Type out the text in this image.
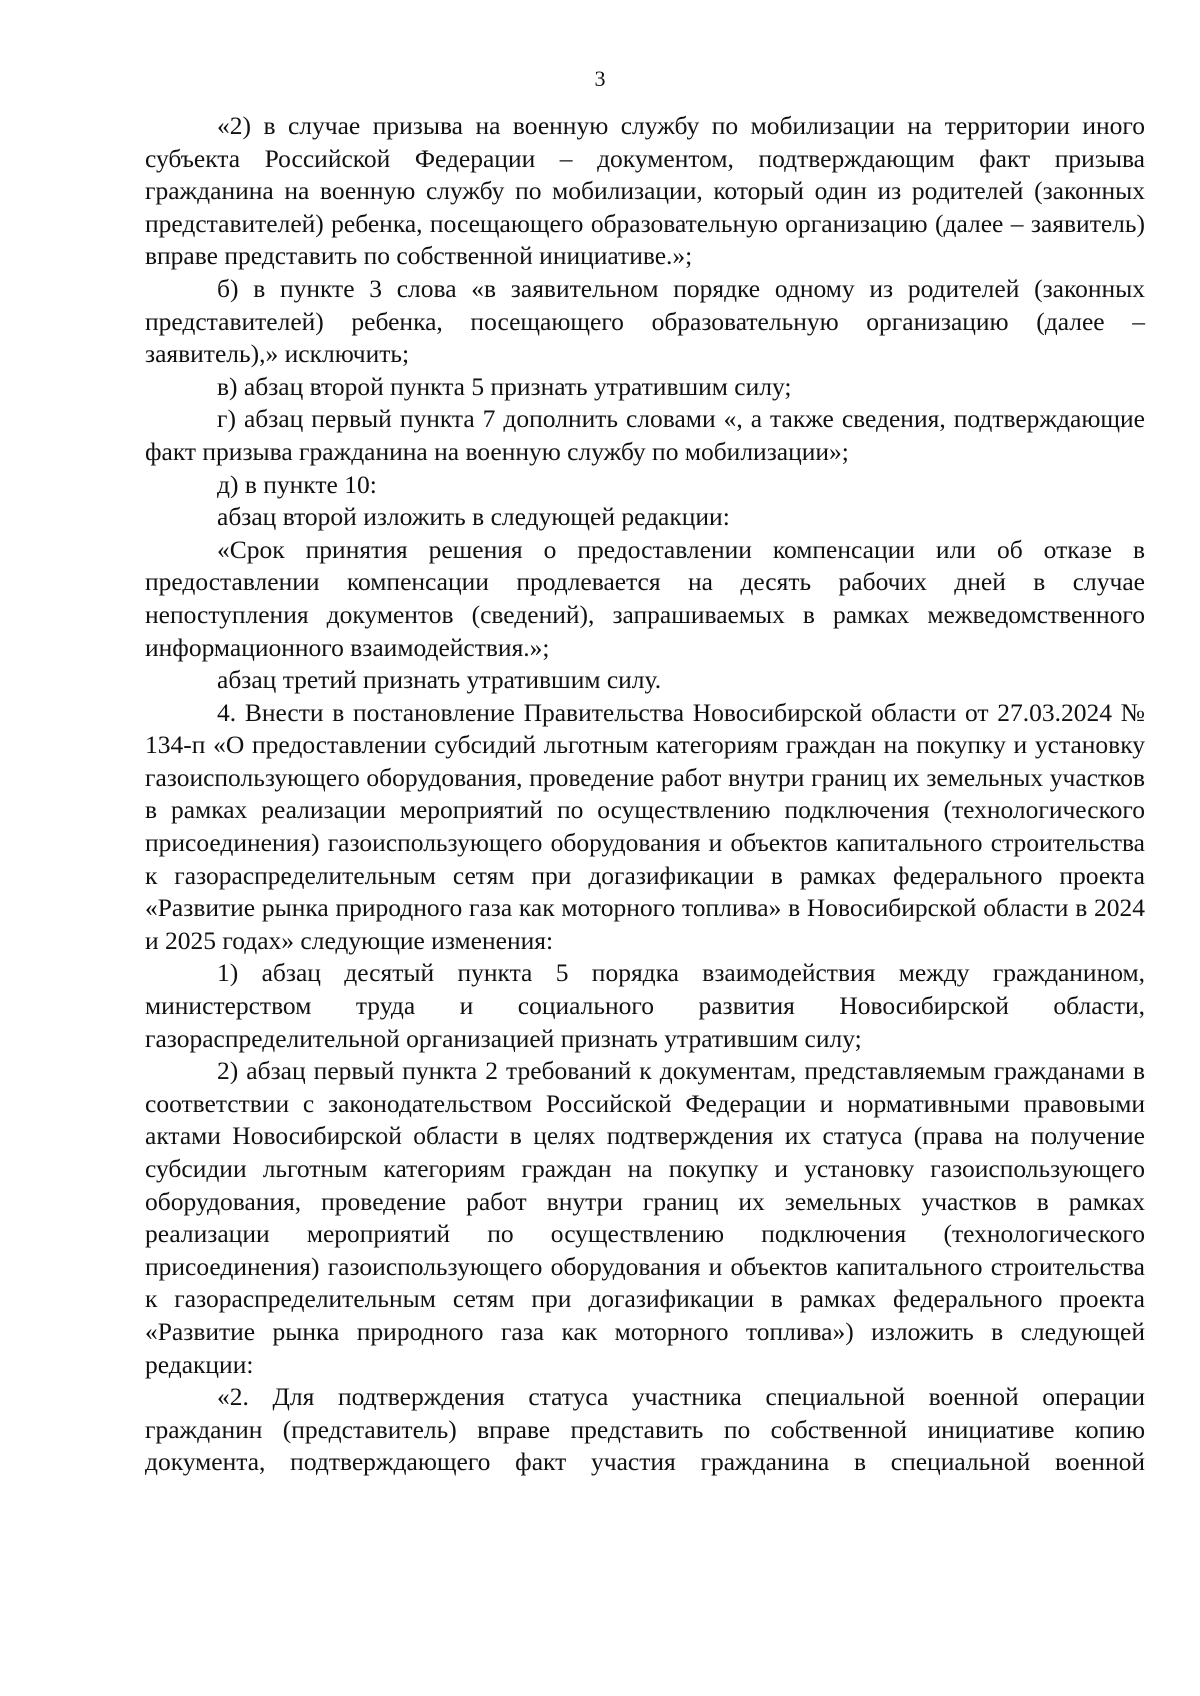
3

«2) в случае призыва на военную службу по мобилизации на территории иного субъекта Российской Федерации – документом, подтверждающим факт призыва гражданина на военную службу по мобилизации, который один из родителей (законных представителей) ребенка, посещающего образовательную организацию (далее – заявитель) вправе представить по собственной инициативе.»;

б) в пункте 3 слова «в заявительном порядке одному из родителей (законных представителей) ребенка, посещающего образовательную организацию (далее – заявитель),» исключить;

в) абзац второй пункта 5 признать утратившим силу;

г) абзац первый пункта 7 дополнить словами «, а также сведения, подтверждающие факт призыва гражданина на военную службу по мобилизации»;

д) в пункте 10:

абзац второй изложить в следующей редакции:

«Срок принятия решения о предоставлении компенсации или об отказе в предоставлении компенсации продлевается на десять рабочих дней в случае непоступления документов (сведений), запрашиваемых в рамках межведомственного информационного взаимодействия.»;

абзац третий признать утратившим силу.

4. Внести в постановление Правительства Новосибирской области от 27.03.2024 № 134-п «О предоставлении субсидий льготным категориям граждан на покупку и установку газоиспользующего оборудования, проведение работ внутри границ их земельных участков в рамках реализации мероприятий по осуществлению подключения (технологического присоединения) газоиспользующего оборудования и объектов капитального строительства к газораспределительным сетям при догазификации в рамках федерального проекта «Развитие рынка природного газа как моторного топлива» в Новосибирской области в 2024 и 2025 годах» следующие изменения:

1) абзац десятый пункта 5 порядка взаимодействия между гражданином, министерством труда и социального развития Новосибирской области, газораспределительной организацией признать утратившим силу;

2) абзац первый пункта 2 требований к документам, представляемым гражданами в соответствии с законодательством Российской Федерации и нормативными правовыми актами Новосибирской области в целях подтверждения их статуса (права на получение субсидии льготным категориям граждан на покупку и установку газоиспользующего оборудования, проведение работ внутри границ их земельных участков в рамках реализации мероприятий по осуществлению подключения (технологического присоединения) газоиспользующего оборудования и объектов капитального строительства к газораспределительным сетям при догазификации в рамках федерального проекта «Развитие рынка природного газа как моторного топлива») изложить в следующей редакции:

«2. Для подтверждения статуса участника специальной военной операции гражданин (представитель) вправе представить по собственной инициативе копию документа, подтверждающего факт участия гражданина в специальной военной
